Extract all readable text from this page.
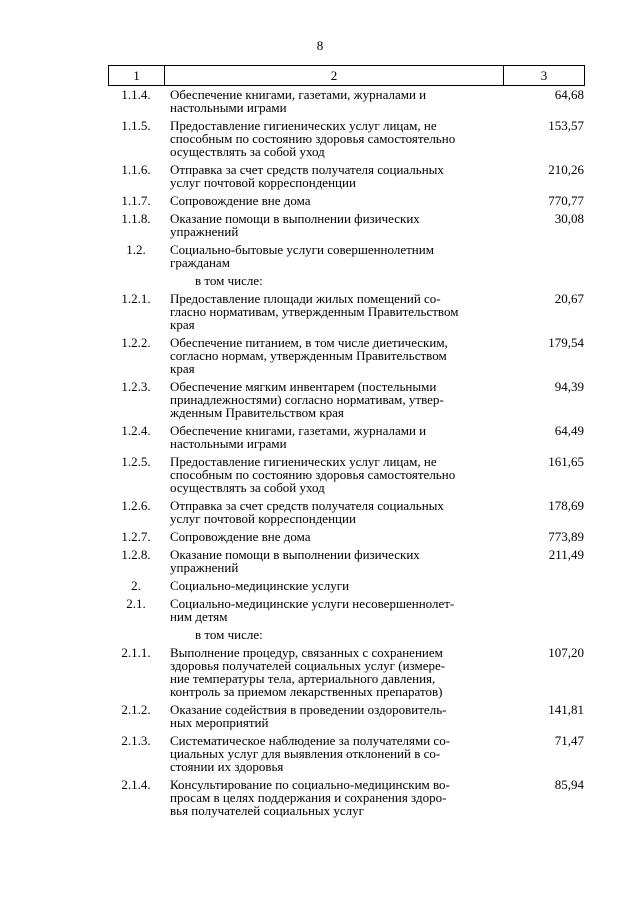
8
1	2	3
1.1.4.	Обеспечение книгами, газетами, журналами и
настольными играми
64,68
1.1.5.	Предоставление гигиенических услуг лицам, не
способным по состоянию здоровья самостоятельно
осуществлять за собой уход
153,57
1.1.6.	Отправка за счет средств получателя социальных
услуг почтовой корреспонденции
210,26
1.1.7.	Сопровождение вне дома	770,77
1.1.8.	Оказание помощи в выполнении физических
упражнений
30,08
1.2.	Социально-бытовые услуги совершеннолетним
гражданам
в том числе:
1.2.1.	Предоставление площади жилых помещений со-
гласно нормативам, утвержденным Правительством
края
20,67
1.2.2.	Обеспечение питанием, в том числе диетическим,
согласно нормам, утвержденным Правительством
края
179,54
1.2.3.	Обеспечение мягким инвентарем (постельными
принадлежностями) согласно нормативам, утвер-
жденным Правительством края
94,39
1.2.4.	Обеспечение книгами, газетами, журналами и
настольными играми
64,49
1.2.5.	Предоставление гигиенических услуг лицам, не
способным по состоянию здоровья самостоятельно
осуществлять за собой уход
161,65
1.2.6.	Отправка за счет средств получателя социальных
услуг почтовой корреспонденции
178,69
1.2.7.	Сопровождение вне дома	773,89
1.2.8.	Оказание помощи в выполнении физических
упражнений
211,49
2.	Социально-медицинские услуги
2.1.	Социально-медицинские услуги несовершеннолет-
ним детям
в том числе:
2.1.1.	Выполнение процедур, связанных с сохранением
здоровья получателей социальных услуг (измере-
ние температуры тела, артериального давления,
контроль за приемом лекарственных препаратов)
107,20
2.1.2.	Оказание содействия в проведении оздоровитель-
ных мероприятий
141,81
2.1.3.	Систематическое наблюдение за получателями со-
циальных услуг для выявления отклонений в со-
стоянии их здоровья
71,47
2.1.4.	Консультирование по социально-медицинским во-
просам в целях поддержания и сохранения здоро-
вья получателей социальных услуг
85,94
